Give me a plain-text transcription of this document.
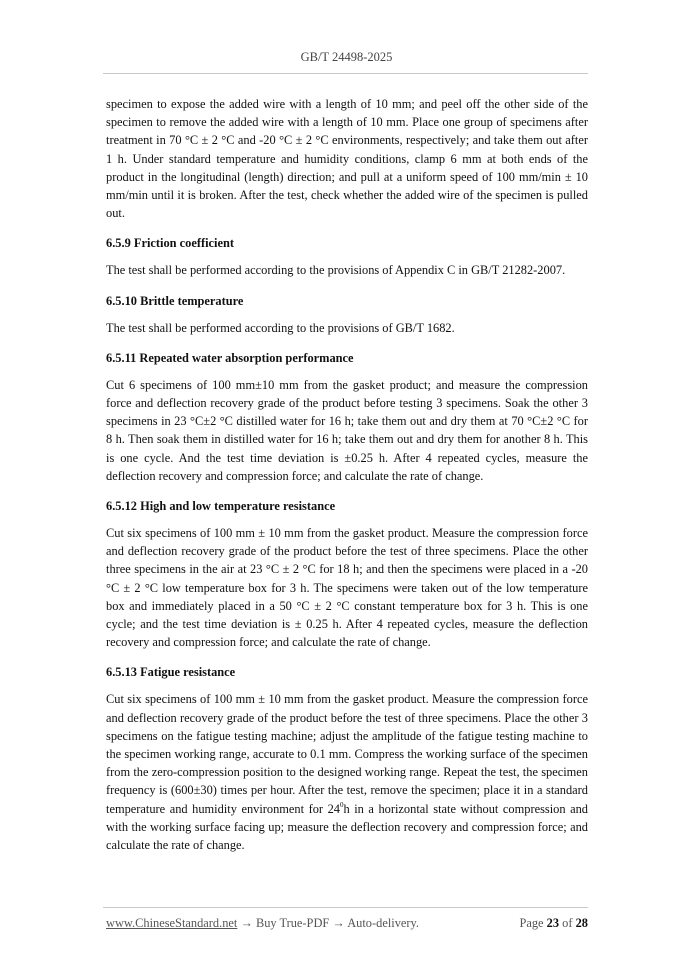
GB/T 24498-2025

specimen to expose the added wire with a length of 10 mm; and peel off the other side of the specimen to remove the added wire with a length of 10 mm. Place one group of specimens after treatment in 70 °C ± 2 °C and -20 °C ± 2 °C environments, respectively; and take them out after 1 h. Under standard temperature and humidity conditions, clamp 6 mm at both ends of the product in the longitudinal (length) direction; and pull at a uniform speed of 100 mm/min ± 10 mm/min until it is broken. After the test, check whether the added wire of the specimen is pulled out.

6.5.9 Friction coefficient

The test shall be performed according to the provisions of Appendix C in GB/T 21282-2007.

6.5.10 Brittle temperature

The test shall be performed according to the provisions of GB/T 1682.

6.5.11 Repeated water absorption performance

Cut 6 specimens of 100 mm±10 mm from the gasket product; and measure the compression force and deflection recovery grade of the product before testing 3 specimens. Soak the other 3 specimens in 23 °C±2 °C distilled water for 16 h; take them out and dry them at 70 °C±2 °C for 8 h. Then soak them in distilled water for 16 h; take them out and dry them for another 8 h. This is one cycle. And the test time deviation is ±0.25 h. After 4 repeated cycles, measure the deflection recovery and compression force; and calculate the rate of change.

6.5.12 High and low temperature resistance

Cut six specimens of 100 mm ± 10 mm from the gasket product. Measure the compression force and deflection recovery grade of the product before the test of three specimens. Place the other three specimens in the air at 23 °C ± 2 °C for 18 h; and then the specimens were placed in a -20 °C ± 2 °C low temperature box for 3 h. The specimens were taken out of the low temperature box and immediately placed in a 50 °C ± 2 °C constant temperature box for 3 h. This is one cycle; and the test time deviation is ± 0.25 h. After 4 repeated cycles, measure the deflection recovery and compression force; and calculate the rate of change.

6.5.13 Fatigue resistance

Cut six specimens of 100 mm ± 10 mm from the gasket product. Measure the compression force and deflection recovery grade of the product before the test of three specimens. Place the other 3 specimens on the fatigue testing machine; adjust the amplitude of the fatigue testing machine to the specimen working range, accurate to 0.1 mm. Compress the working surface of the specimen from the zero-compression position to the designed working range. Repeat the test, the specimen frequency is (600±30) times per hour. After the test, remove the specimen; place it in a standard temperature and humidity environment for $24^0h$ in a horizontal state without compression and with the working surface facing up; measure the deflection recovery and compression force; and calculate the rate of change.

www.ChineseStandard.net → Buy True-PDF → Auto-delivery.	Page 23 of 28
